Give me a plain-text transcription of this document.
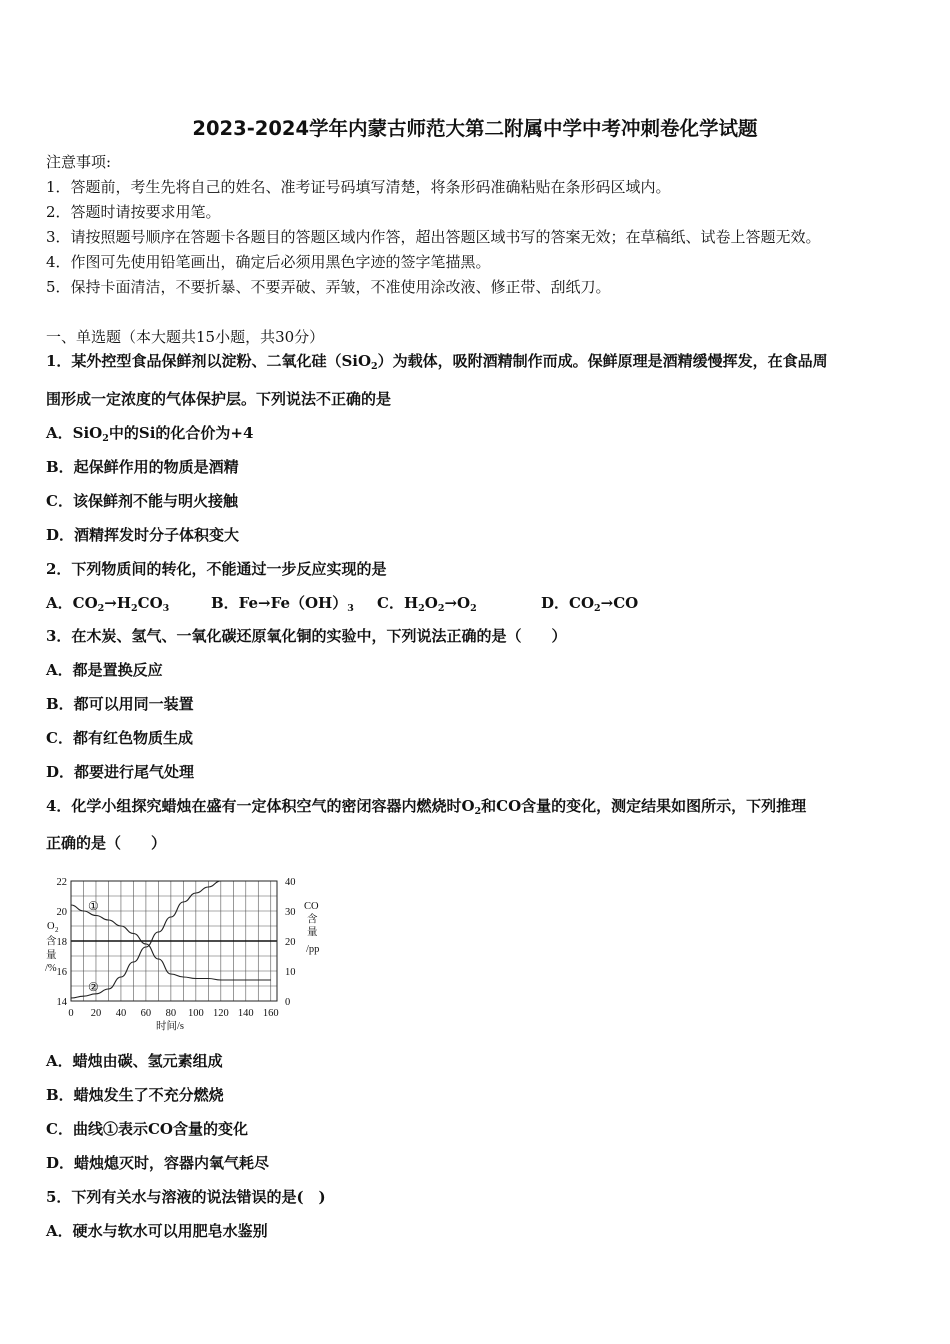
2023-2024学年内蒙古师范大第二附属中学中考冲刺卷化学试题
注意事项:
1．答题前，考生先将自己的姓名、准考证号码填写清楚，将条形码准确粘贴在条形码区域内。
2．答题时请按要求用笔。
3．请按照题号顺序在答题卡各题目的答题区域内作答，超出答题区域书写的答案无效；在草稿纸、试卷上答题无效。
4．作图可先使用铅笔画出，确定后必须用黑色字迹的签字笔描黑。
5．保持卡面清洁，不要折暴、不要弄破、弄皱，不准使用涂改液、修正带、刮纸刀。
一、单选题（本大题共15小题，共30分）
1．某外控型食品保鲜剂以淀粉、二氧化硅（SiO$_2$）为载体，吸附酒精制作而成。保鲜原理是酒精缓慢挥发，在食品周
围形成一定浓度的气体保护层。下列说法不正确的是
A．SiO$_2$中的Si的化合价为+4
B．起保鲜作用的物质是酒精
C．该保鲜剂不能与明火接触
D．酒精挥发时分子体积变大
2．下列物质间的转化，不能通过一步反应实现的是
A．$CO_2\to H_2CO_3$	B．$Fe\to Fe(OH)_3$ C．$H_2O_2\to O_2$	D．$CO_2\to CO$
3．在木炭、氢气、一氧化碳还原氧化铜的实验中，下列说法正确的是（　　）
A．都是置换反应
B．都可以用同一装置
C．都有红色物质生成
D．都要进行尾气处理
4．化学小组探究蜡烛在盛有一定体积空气的密闭容器内燃烧时$O_2$和CO含量的变化，测定结果如图所示，下列推理
正确的是（　　）
14
16
18
20
22
0
10
20
30
40
0 20 40 60 80 100 120 140 160
时间/s
O 2
含
量
/%
CO
含
量
/pp
①
②
A．蜡烛由碳、氢元素组成
B．蜡烛发生了不充分燃烧
C．曲线①表示CO含量的变化
D．蜡烛熄灭时，容器内氧气耗尽
5．下列有关水与溶液的说法错误的是(　)
A．硬水与软水可以用肥皂水鉴别
